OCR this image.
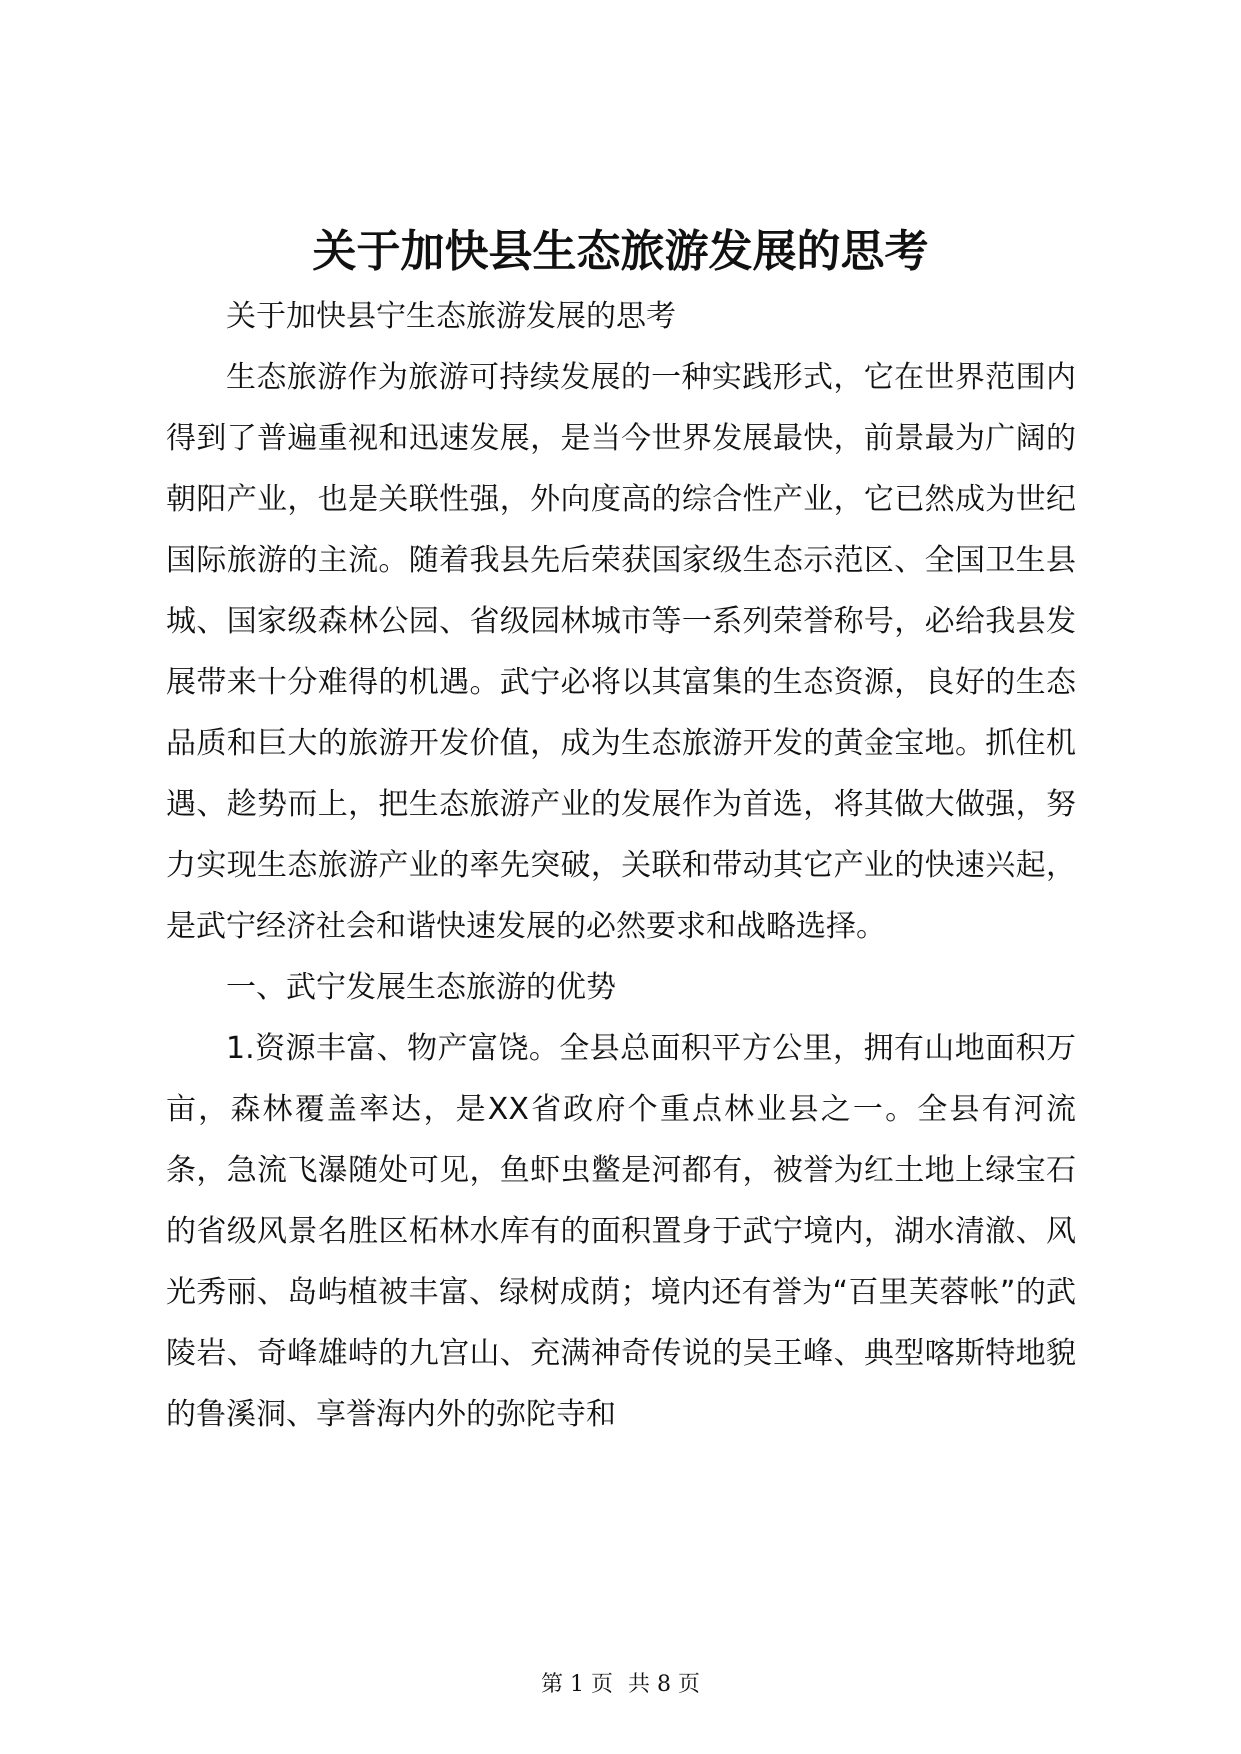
关于加快县生态旅游发展的思考

关于加快县宁生态旅游发展的思考

生态旅游作为旅游可持续发展的一种实践形式，它在世界范围内得到了普遍重视和迅速发展，是当今世界发展最快，前景最为广阔的朝阳产业，也是关联性强，外向度高的综合性产业，它已然成为世纪国际旅游的主流。随着我县先后荣获国家级生态示范区、全国卫生县城、国家级森林公园、省级园林城市等一系列荣誉称号，必给我县发展带来十分难得的机遇。武宁必将以其富集的生态资源，良好的生态品质和巨大的旅游开发价值，成为生态旅游开发的黄金宝地。抓住机遇、趁势而上，把生态旅游产业的发展作为首选，将其做大做强，努力实现生态旅游产业的率先突破，关联和带动其它产业的快速兴起，是武宁经济社会和谐快速发展的必然要求和战略选择。

一、武宁发展生态旅游的优势

1.资源丰富、物产富饶。全县总面积平方公里，拥有山地面积万亩，森林覆盖率达，是XX省政府个重点林业县之一。全县有河流条，急流飞瀑随处可见，鱼虾虫鳖是河都有，被誉为红土地上绿宝石的省级风景名胜区柘林水库有的面积置身于武宁境内，湖水清澈、风光秀丽、岛屿植被丰富、绿树成荫；境内还有誉为“百里芙蓉帐”的武陵岩、奇峰雄峙的九宫山、充满神奇传说的吴王峰、典型喀斯特地貌的鲁溪洞、享誉海内外的弥陀寺和

第 1 页 共 8 页
